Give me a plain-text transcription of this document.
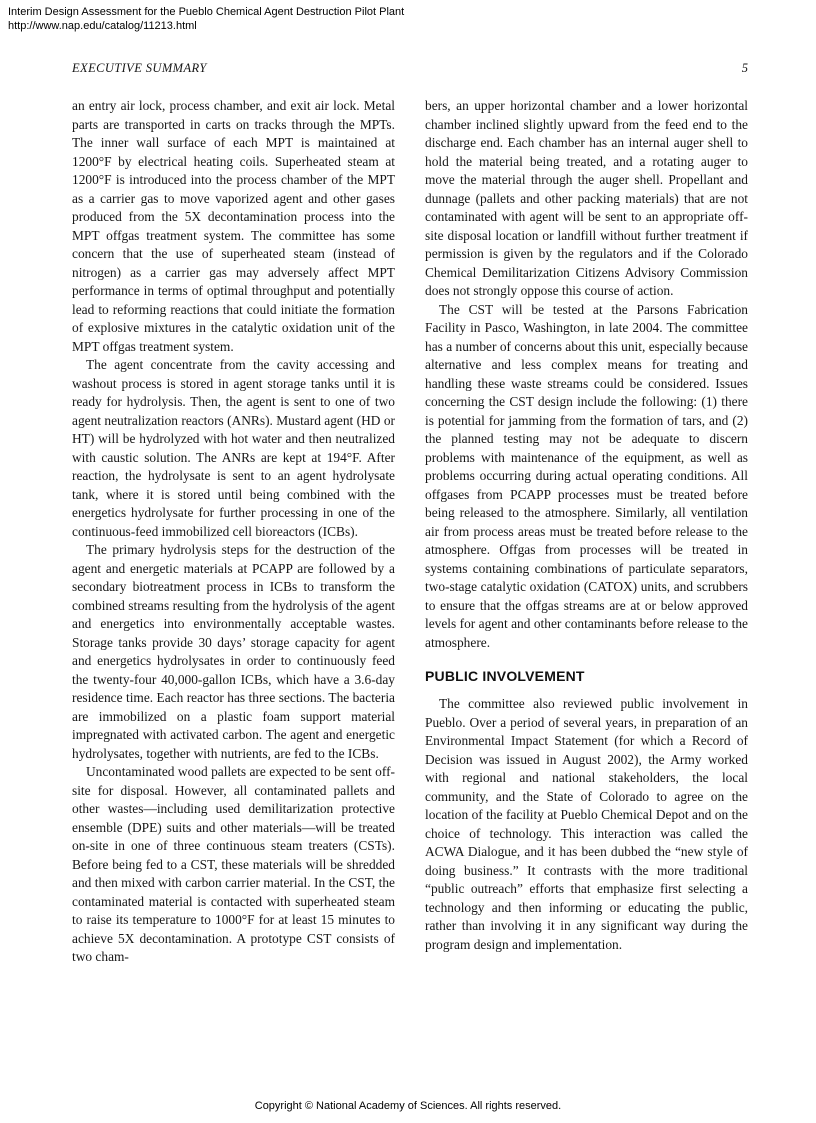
Interim Design Assessment for the Pueblo Chemical Agent Destruction Pilot Plant
http://www.nap.edu/catalog/11213.html
EXECUTIVE SUMMARY	5

an entry air lock, process chamber, and exit air lock. Metal parts are transported in carts on tracks through the MPTs. The inner wall surface of each MPT is maintained at 1200°F by electrical heating coils. Superheated steam at 1200°F is introduced into the process chamber of the MPT as a carrier gas to move vaporized agent and other gases produced from the 5X decontamination process into the MPT offgas treatment system. The committee has some concern that the use of superheated steam (instead of nitrogen) as a carrier gas may adversely affect MPT performance in terms of optimal throughput and potentially lead to reforming reactions that could initiate the formation of explosive mixtures in the catalytic oxidation unit of the MPT offgas treatment system.

The agent concentrate from the cavity accessing and washout process is stored in agent storage tanks until it is ready for hydrolysis. Then, the agent is sent to one of two agent neutralization reactors (ANRs). Mustard agent (HD or HT) will be hydrolyzed with hot water and then neutralized with caustic solution. The ANRs are kept at 194°F. After reaction, the hydrolysate is sent to an agent hydrolysate tank, where it is stored until being combined with the energetics hydrolysate for further processing in one of the continuous-feed immobilized cell bioreactors (ICBs).

The primary hydrolysis steps for the destruction of the agent and energetic materials at PCAPP are followed by a secondary biotreatment process in ICBs to transform the combined streams resulting from the hydrolysis of the agent and energetics into environmentally acceptable wastes. Storage tanks provide 30 days’ storage capacity for agent and energetics hydrolysates in order to continuously feed the twenty-four 40,000-gallon ICBs, which have a 3.6-day residence time. Each reactor has three sections. The bacteria are immobilized on a plastic foam support material impregnated with activated carbon. The agent and energetic hydrolysates, together with nutrients, are fed to the ICBs.

Uncontaminated wood pallets are expected to be sent off-site for disposal. However, all contaminated pallets and other wastes—including used demilitarization protective ensemble (DPE) suits and other materials—will be treated on-site in one of three continuous steam treaters (CSTs). Before being fed to a CST, these materials will be shredded and then mixed with carbon carrier material. In the CST, the contaminated material is contacted with superheated steam to raise its temperature to 1000°F for at least 15 minutes to achieve 5X decontamination. A prototype CST consists of two cham-

bers, an upper horizontal chamber and a lower horizontal chamber inclined slightly upward from the feed end to the discharge end. Each chamber has an internal auger shell to hold the material being treated, and a rotating auger to move the material through the auger shell. Propellant and dunnage (pallets and other packing materials) that are not contaminated with agent will be sent to an appropriate off-site disposal location or landfill without further treatment if permission is given by the regulators and if the Colorado Chemical Demilitarization Citizens Advisory Commission does not strongly oppose this course of action.

The CST will be tested at the Parsons Fabrication Facility in Pasco, Washington, in late 2004. The committee has a number of concerns about this unit, especially because alternative and less complex means for treating and handling these waste streams could be considered. Issues concerning the CST design include the following: (1) there is potential for jamming from the formation of tars, and (2) the planned testing may not be adequate to discern problems with maintenance of the equipment, as well as problems occurring during actual operating conditions. All offgases from PCAPP processes must be treated before being released to the atmosphere. Similarly, all ventilation air from process areas must be treated before release to the atmosphere. Offgas from processes will be treated in systems containing combinations of particulate separators, two-stage catalytic oxidation (CATOX) units, and scrubbers to ensure that the offgas streams are at or below approved levels for agent and other contaminants before release to the atmosphere.

PUBLIC INVOLVEMENT

The committee also reviewed public involvement in Pueblo. Over a period of several years, in preparation of an Environmental Impact Statement (for which a Record of Decision was issued in August 2002), the Army worked with regional and national stakeholders, the local community, and the State of Colorado to agree on the location of the facility at Pueblo Chemical Depot and on the choice of technology. This interaction was called the ACWA Dialogue, and it has been dubbed the “new style of doing business.” It contrasts with the more traditional “public outreach” efforts that emphasize first selecting a technology and then informing or educating the public, rather than involving it in any significant way during the program design and implementation.

Copyright © National Academy of Sciences. All rights reserved.
